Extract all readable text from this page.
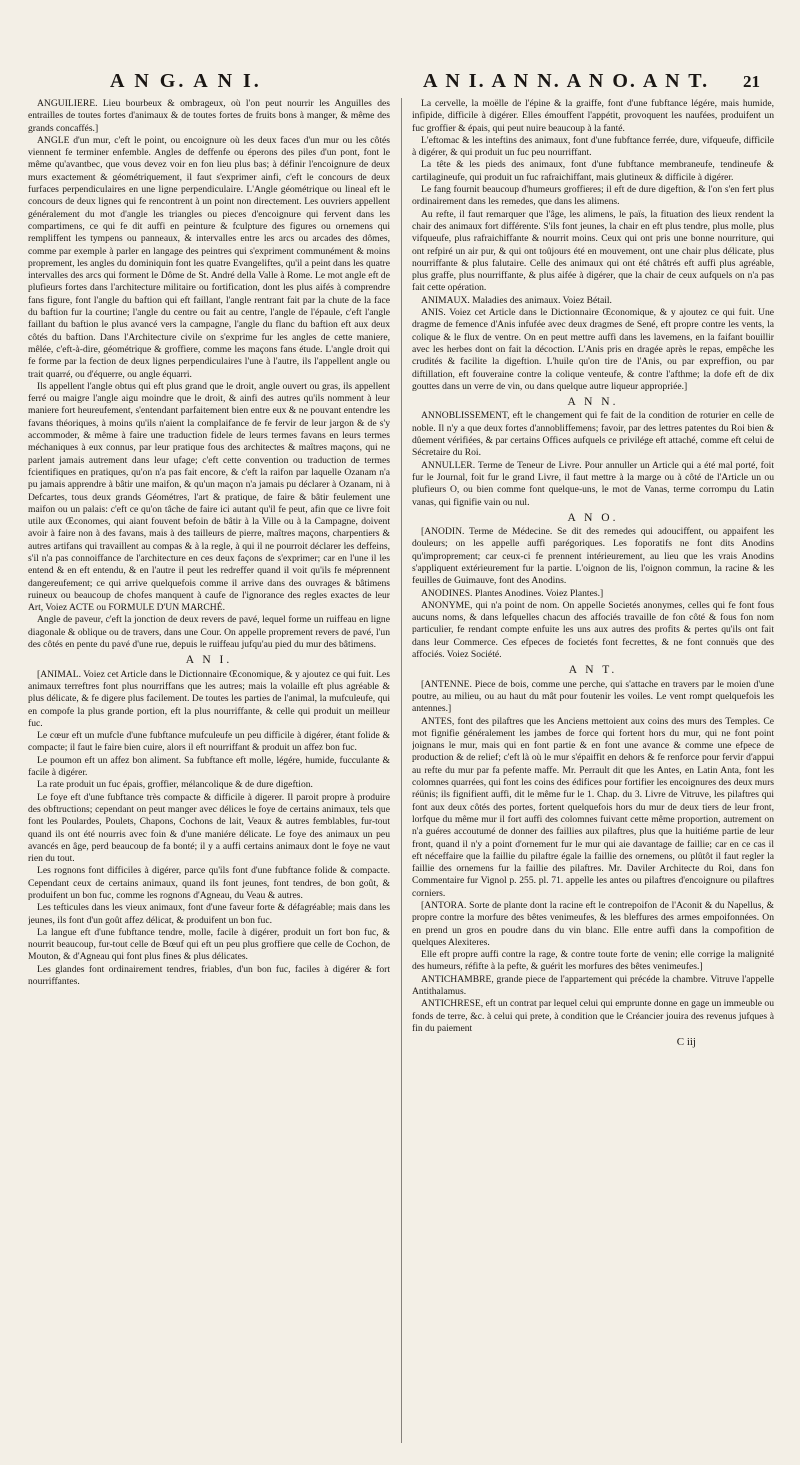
A N G. A N I.	A N I. A N N. A N O. A N T. 21

ANGUILIERE. Lieu bourbeux & ombrageux, où l'on peut nourrir les Anguilles des entrailles de toutes fortes d'animaux & de toutes fortes de fruits bons à manger, & même des grands concaffés.]

ANGLE d'un mur, c'eft le point, ou encoignure où les deux faces d'un mur ou les côtés viennent fe terminer enfemble. Angles de deffenfe ou éperons des piles d'un pont, font le même qu'avantbec, que vous devez voir en fon lieu plus bas; à définir l'encoignure de deux murs exactement & géométriquement, il faut s'exprimer ainfi, c'eft le concours de deux furfaces perpendiculaires en une ligne perpendiculaire. L'Angle géométrique ou lineal eft le concours de deux lignes qui fe rencontrent à un point non directement. Les ouvriers appellent généralement du mot d'angle les triangles ou pieces d'encoignure qui fervent dans les compartimens, ce qui fe dit auffi en peinture & fculpture des figures ou ornemens qui rempliffent les tympens ou panneaux, & intervalles entre les arcs ou arcades des dômes, comme par exemple à parler en langage des peintres qui s'expriment communément & moins proprement, les angles du dominiquin font les quatre Evangeliftes, qu'il a peint dans les quatre intervalles des arcs qui forment le Dôme de St. André della Valle à Rome. Le mot angle eft de plufieurs fortes dans l'architecture militaire ou fortification, dont les plus aifés à comprendre fans figure, font l'angle du baftion qui eft faillant, l'angle rentrant fait par la chute de la face du baftion fur la courtine; l'angle du centre ou fait au centre, l'angle de l'épaule, c'eft l'angle faillant du baftion le plus avancé vers la campagne, l'angle du flanc du baftion eft aux deux côtés du baftion. Dans l'Architecture civile on s'exprime fur les angles de cette maniere, mêlée, c'eft-à-dire, géométrique & groffiere, comme les maçons fans étude. L'angle droit qui fe forme par la fection de deux lignes perpendiculaires l'une à l'autre, ils l'appellent angle ou trait quarré, ou d'équerre, ou angle équarri.

Ils appellent l'angle obtus qui eft plus grand que le droit, angle ouvert ou gras, ils appellent ferré ou maigre l'angle aigu moindre que le droit, & ainfi des autres qu'ils nomment à leur maniere fort heureufement, s'entendant parfaitement bien entre eux & ne pouvant entendre les favans théoriques, à moins qu'ils n'aient la complaifance de fe fervir de leur jargon & de s'y accommoder, & même à faire une traduction fidele de leurs termes favans en leurs termes méchaniques à eux connus, par leur pratique fous des architectes & maîtres maçons, qui ne parlent jamais autrement dans leur ufage; c'eft cette convention ou traduction de termes fcientifiques en pratiques, qu'on n'a pas fait encore, & c'eft la raifon par laquelle Ozanam n'a pu jamais apprendre à bâtir une maifon, & qu'un maçon n'a jamais pu déclarer à Ozanam, ni à Defcartes, tous deux grands Géométres, l'art & pratique, de faire & bâtir feulement une maifon ou un palais: c'eft ce qu'on tâche de faire ici autant qu'il fe peut, afin que ce livre foit utile aux Œconomes, qui aiant fouvent befoin de bâtir à la Ville ou à la Campagne, doivent avoir à faire non à des favans, mais à des tailleurs de pierre, maîtres maçons, charpentiers & autres artifans qui travaillent au compas & à la regle, à qui il ne pourroit déclarer les deffeins, s'il n'a pas connoiffance de l'architecture en ces deux façons de s'exprimer; car en l'une il les entend & en eft entendu, & en l'autre il peut les redreffer quand il voit qu'ils fe méprennent dangereufement; ce qui arrive quelquefois comme il arrive dans des ouvrages & bâtimens ruineux ou beaucoup de chofes manquent à caufe de l'ignorance des regles exactes de leur Art, Voiez ACTE ou FORMULE D'UN MARCHÉ.

Angle de paveur, c'eft la jonction de deux revers de pavé, lequel forme un ruiffeau en ligne diagonale & oblique ou de travers, dans une Cour. On appelle proprement revers de pavé, l'un des côtés en pente du pavé d'une rue, depuis le ruiffeau jufqu'au pied du mur des bâtimens.

A N I.

[ANIMAL. Voiez cet Article dans le Dictionnaire Œconomique, & y ajoutez ce qui fuit. Les animaux terreftres font plus nourriffans que les autres; mais la volaille eft plus agréable & plus délicate, & fe digere plus facilement. De toutes les parties de l'animal, la mufculeufe, qui en compofe la plus grande portion, eft la plus nourriffante, & celle qui produit un meilleur fuc.

Le cœur eft un mufcle d'une fubftance mufculeufe un peu difficile à digérer, étant folide & compacte; il faut le faire bien cuire, alors il eft nourriffant & produit un affez bon fuc.

Le poumon eft un affez bon aliment. Sa fubftance eft molle, légére, humide, fucculante & facile à digérer.

La rate produit un fuc épais, groffier, mélancolique & de dure digeftion.

Le foye eft d'une fubftance très compacte & difficile à digerer. Il paroit propre à produire des obftructions; cependant on peut manger avec délices le foye de certains animaux, tels que font les Poulardes, Poulets, Chapons, Cochons de lait, Veaux & autres femblables, fur-tout quand ils ont été nourris avec foin & d'une maniére délicate. Le foye des animaux un peu avancés en âge, perd beaucoup de fa bonté; il y a auffi certains animaux dont le foye ne vaut rien du tout.

Les rognons font difficiles à digérer, parce qu'ils font d'une fubftance folide & compacte. Cependant ceux de certains animaux, quand ils font jeunes, font tendres, de bon goût, & produifent un bon fuc, comme les rognons d'Agneau, du Veau & autres.

Les tefticules dans les vieux animaux, font d'une faveur forte & défagréable; mais dans les jeunes, ils font d'un goût affez délicat, & produifent un bon fuc.

La langue eft d'une fubftance tendre, molle, facile à digérer, produit un fort bon fuc, & nourrit beaucoup, fur-tout celle de Bœuf qui eft un peu plus groffiere que celle de Cochon, de Mouton, & d'Agneau qui font plus fines & plus délicates.

Les glandes font ordinairement tendres, friables, d'un bon fuc, faciles à digérer & fort nourriffantes.

La cervelle, la moëlle de l'épine & la graiffe, font d'une fubftance légére, mais humide, infipide, difficile à digérer. Elles émouffent l'appétit, provoquent les naufées, produifent un fuc groffier & épais, qui peut nuire beaucoup à la fanté.

L'eftomac & les inteftins des animaux, font d'une fubftance ferrée, dure, vifqueufe, difficile à digérer, & qui produit un fuc peu nourriffant.

La tête & les pieds des animaux, font d'une fubftance membraneufe, tendineufe & cartilagineufe, qui produit un fuc rafraichiffant, mais glutineux & difficile à digérer.

Le fang fournit beaucoup d'humeurs groffieres; il eft de dure digeftion, & l'on s'en fert plus ordinairement dans les remedes, que dans les alimens.

Au refte, il faut remarquer que l'âge, les alimens, le païs, la fituation des lieux rendent la chair des animaux fort différente. S'ils font jeunes, la chair en eft plus tendre, plus molle, plus vifqueufe, plus rafraichiffante & nourrit moins. Ceux qui ont pris une bonne nourriture, qui ont refpiré un air pur, & qui ont toûjours été en mouvement, ont une chair plus délicate, plus nourriffante & plus falutaire. Celle des animaux qui ont été châtrés eft auffi plus agréable, plus graffe, plus nourriffante, & plus aifée à digérer, que la chair de ceux aufquels on n'a pas fait cette opération.

ANIMAUX. Maladies des animaux. Voiez Bétail.

ANIS. Voiez cet Article dans le Dictionnaire Œconomique, & y ajoutez ce qui fuit. Une dragme de femence d'Anis infufée avec deux dragmes de Sené, eft propre contre les vents, la colique & le flux de ventre. On en peut mettre auffi dans les lavemens, en la faifant bouillir avec les herbes dont on fait la décoction. L'Anis pris en dragée après le repas, empêche les crudités & facilite la digeftion. L'huile qu'on tire de l'Anis, ou par expreffion, ou par diftillation, eft fouveraine contre la colique venteufe, & contre l'afthme; la dofe eft de dix gouttes dans un verre de vin, ou dans quelque autre liqueur appropriée.]

A N N.

ANNOBLISSEMENT, eft le changement qui fe fait de la condition de roturier en celle de noble. Il n'y a que deux fortes d'annobliffemens; favoir, par des lettres patentes du Roi bien & dûement vérifiées, & par certains Offices aufquels ce privilége eft attaché, comme eft celui de Sécretaire du Roi.

ANNULLER. Terme de Teneur de Livre. Pour annuller un Article qui a été mal porté, foit fur le Journal, foit fur le grand Livre, il faut mettre à la marge ou à côté de l'Article un ou plufieurs O, ou bien comme font quelque-uns, le mot de Vanas, terme corrompu du Latin vanas, qui fignifie vain ou nul.

A N O.

[ANODIN. Terme de Médecine. Se dit des remedes qui adouciffent, ou appaifent les douleurs; on les appelle auffi parégoriques. Les foporatifs ne font dits Anodins qu'improprement; car ceux-ci fe prennent intérieurement, au lieu que les vrais Anodins s'appliquent extérieurement fur la partie. L'oignon de lis, l'oignon commun, la racine & les feuilles de Guimauve, font des Anodins.

ANODINES. Plantes Anodines. Voiez Plantes.]

ANONYME, qui n'a point de nom. On appelle Societés anonymes, celles qui fe font fous aucuns noms, & dans lefquelles chacun des affociés travaille de fon côté & fous fon nom particulier, fe rendant compte enfuite les uns aux autres des profits & pertes qu'ils ont fait dans leur Commerce. Ces efpeces de focietés font fecrettes, & ne font connuës que des affociés. Voiez Société.

A N T.

[ANTENNE. Piece de bois, comme une perche, qui s'attache en travers par le moien d'une poutre, au milieu, ou au haut du mât pour foutenir les voiles. Le vent rompt quelquefois les antennes.]

ANTES, font des pilaftres que les Anciens mettoient aux coins des murs des Temples. Ce mot fignifie généralement les jambes de force qui fortent hors du mur, qui ne font point joignans le mur, mais qui en font partie & en font une avance & comme une efpece de production & de relief; c'eft là où le mur s'épaiffit en dehors & fe renforce pour fervir d'appui au refte du mur par fa pefente maffe. Mr. Perrault dit que les Antes, en Latin Anta, font les colomnes quarrées, qui font les coins des édifices pour fortifier les encoignures des deux murs réünis; ils fignifient auffi, dit le même fur le 1. Chap. du 3. Livre de Vitruve, les pilaftres qui font aux deux côtés des portes, fortent quelquefois hors du mur de deux tiers de leur front, lorfque du même mur il fort auffi des colomnes fuivant cette même proportion, autrement on n'a guéres accoutumé de donner des faillies aux pilaftres, plus que la huitiéme partie de leur front, quand il n'y a point d'ornement fur le mur qui aie davantage de faillie; car en ce cas il eft néceffaire que la faillie du pilaftre égale la faillie des ornemens, ou plûtôt il faut regler la faillie des ornemens fur la faillie des pilaftres. Mr. Daviler Architecte du Roi, dans fon Commentaire fur Vignol p. 255. pl. 71. appelle les antes ou pilaftres d'encoignure ou pilaftres corniers.

[ANTORA. Sorte de plante dont la racine eft le contrepoifon de l'Aconit & du Napellus, & propre contre la morfure des bêtes venimeufes, & les bleffures des armes empoifonnées. On en prend un gros en poudre dans du vin blanc. Elle entre auffi dans la compofition de quelques Alexiteres.

Elle eft propre auffi contre la rage, & contre toute forte de venin; elle corrige la malignité des humeurs, réfifte à la pefte, & guérit les morfures des bêtes venimeufes.]

ANTICHAMBRE, grande piece de l'appartement qui précéde la chambre. Vitruve l'appelle Antithalamus.

ANTICHRESE, eft un contrat par lequel celui qui emprunte donne en gage un immeuble ou fonds de terre, &c. à celui qui prete, à condition que le Créancier jouira des revenus jufques à fin du paiement

C iij
